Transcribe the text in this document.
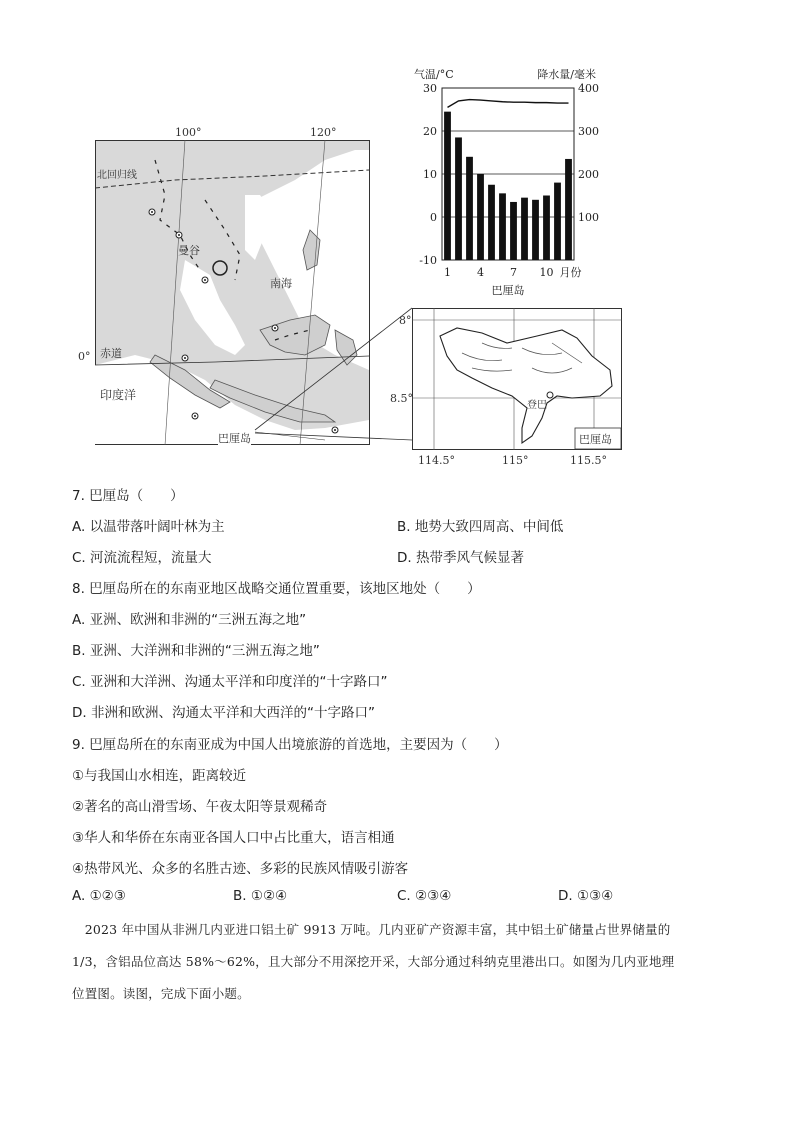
100°	120°
北回归线
曼谷
南海
赤道
0°
印度洋
巴厘岛
30
20
10
0
-10
400
300
200
100
气温/°C	降水量/毫米
1 4 7 10 月份
巴厘岛
8°
8.5°
114.5°	115°	115.5°
登巴
巴厘岛
7. 巴厘岛（　　）
A. 以温带落叶阔叶林为主	B. 地势大致四周高、中间低
C. 河流流程短，流量大	D. 热带季风气候显著
8. 巴厘岛所在的东南亚地区战略交通位置重要，该地区地处（　　）
A. 亚洲、欧洲和非洲的“三洲五海之地”
B. 亚洲、大洋洲和非洲的“三洲五海之地”
C. 亚洲和大洋洲、沟通太平洋和印度洋的“十字路口”
D. 非洲和欧洲、沟通太平洋和大西洋的“十字路口”
9. 巴厘岛所在的东南亚成为中国人出境旅游的首选地，主要因为（　　）
①与我国山水相连，距离较近
②著名的高山滑雪场、午夜太阳等景观稀奇
③华人和华侨在东南亚各国人口中占比重大，语言相通
④热带风光、众多的名胜古迹、多彩的民族风情吸引游客
A. ①②③	B. ①②④	C. ②③④	D. ①③④
　2023 年中国从非洲几内亚进口铝土矿 9913 万吨。几内亚矿产资源丰富，其中铝土矿储量占世界储量的
1/3，含铝品位高达 58%～62%，且大部分不用深挖开采，大部分通过科纳克里港出口。如图为几内亚地理
位置图。读图，完成下面小题。
